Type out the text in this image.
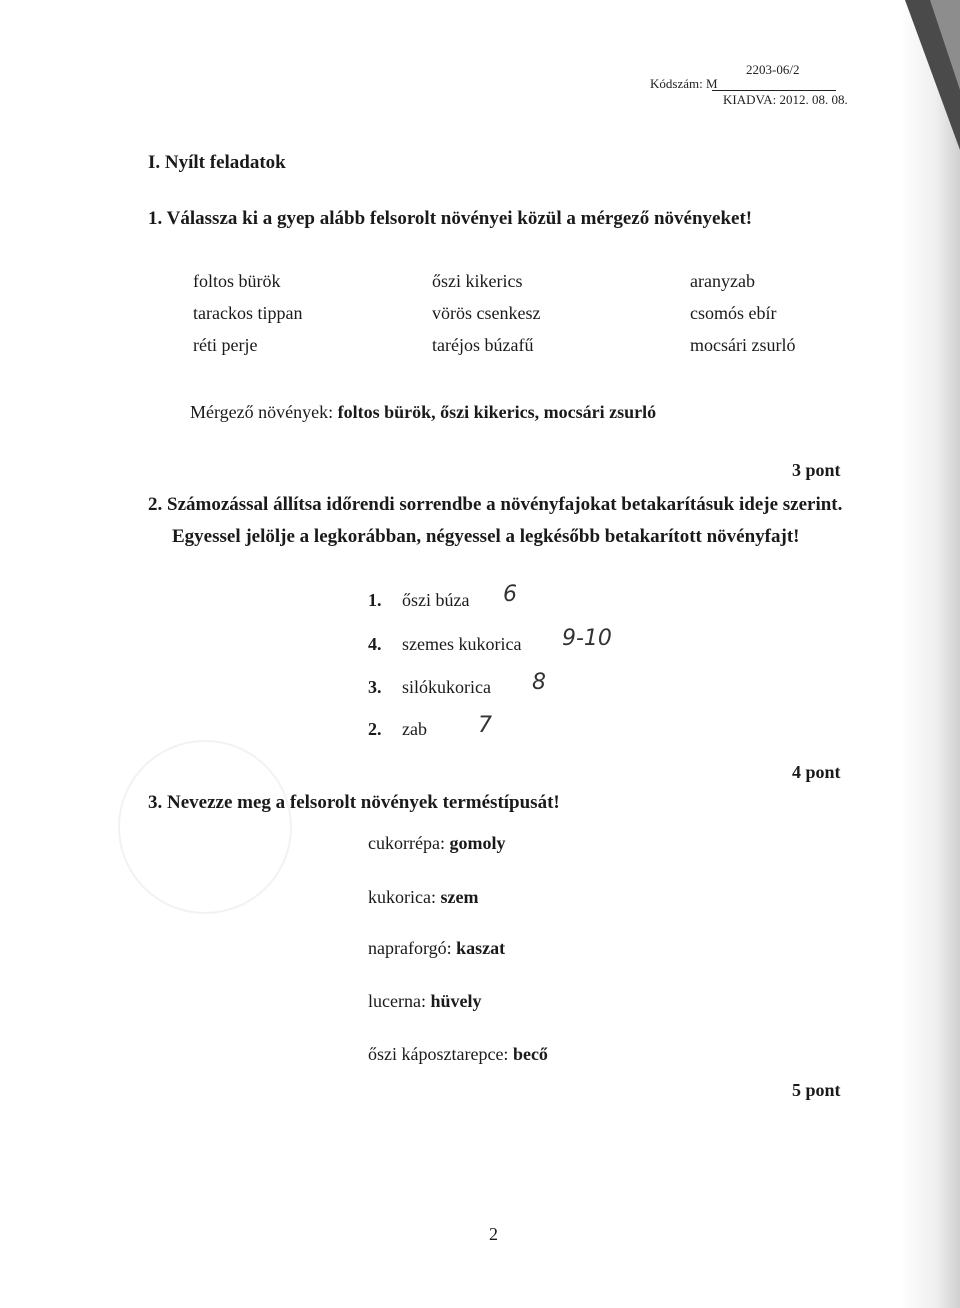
2203-06/2
Kódszám: M
KIADVA: 2012. 08. 08.
I. Nyílt feladatok
1. Válassza ki a gyep alább felsorolt növényei közül a mérgező növényeket!
foltos bürök	őszi kikerics	aranyzab
tarackos tippan	vörös csenkesz	csomós ebír
réti perje	taréjos búzafű	mocsári zsurló
Mérgező növények: foltos bürök, őszi kikerics, mocsári zsurló
3 pont
2. Számozással állítsa időrendi sorrendbe a növényfajokat betakarításuk ideje szerint.
Egyessel jelölje a legkorábban, négyessel a legkésőbb betakarított növényfajt!
1. őszi búza 6
4. szemes kukorica 9-10
3. silókukorica 8
2. zab 7
4 pont
3. Nevezze meg a felsorolt növények terméstípusát!
cukorrépa: gomoly
kukorica: szem
napraforgó: kaszat
lucerna: hüvely
őszi káposztarepce: becő
5 pont
2
